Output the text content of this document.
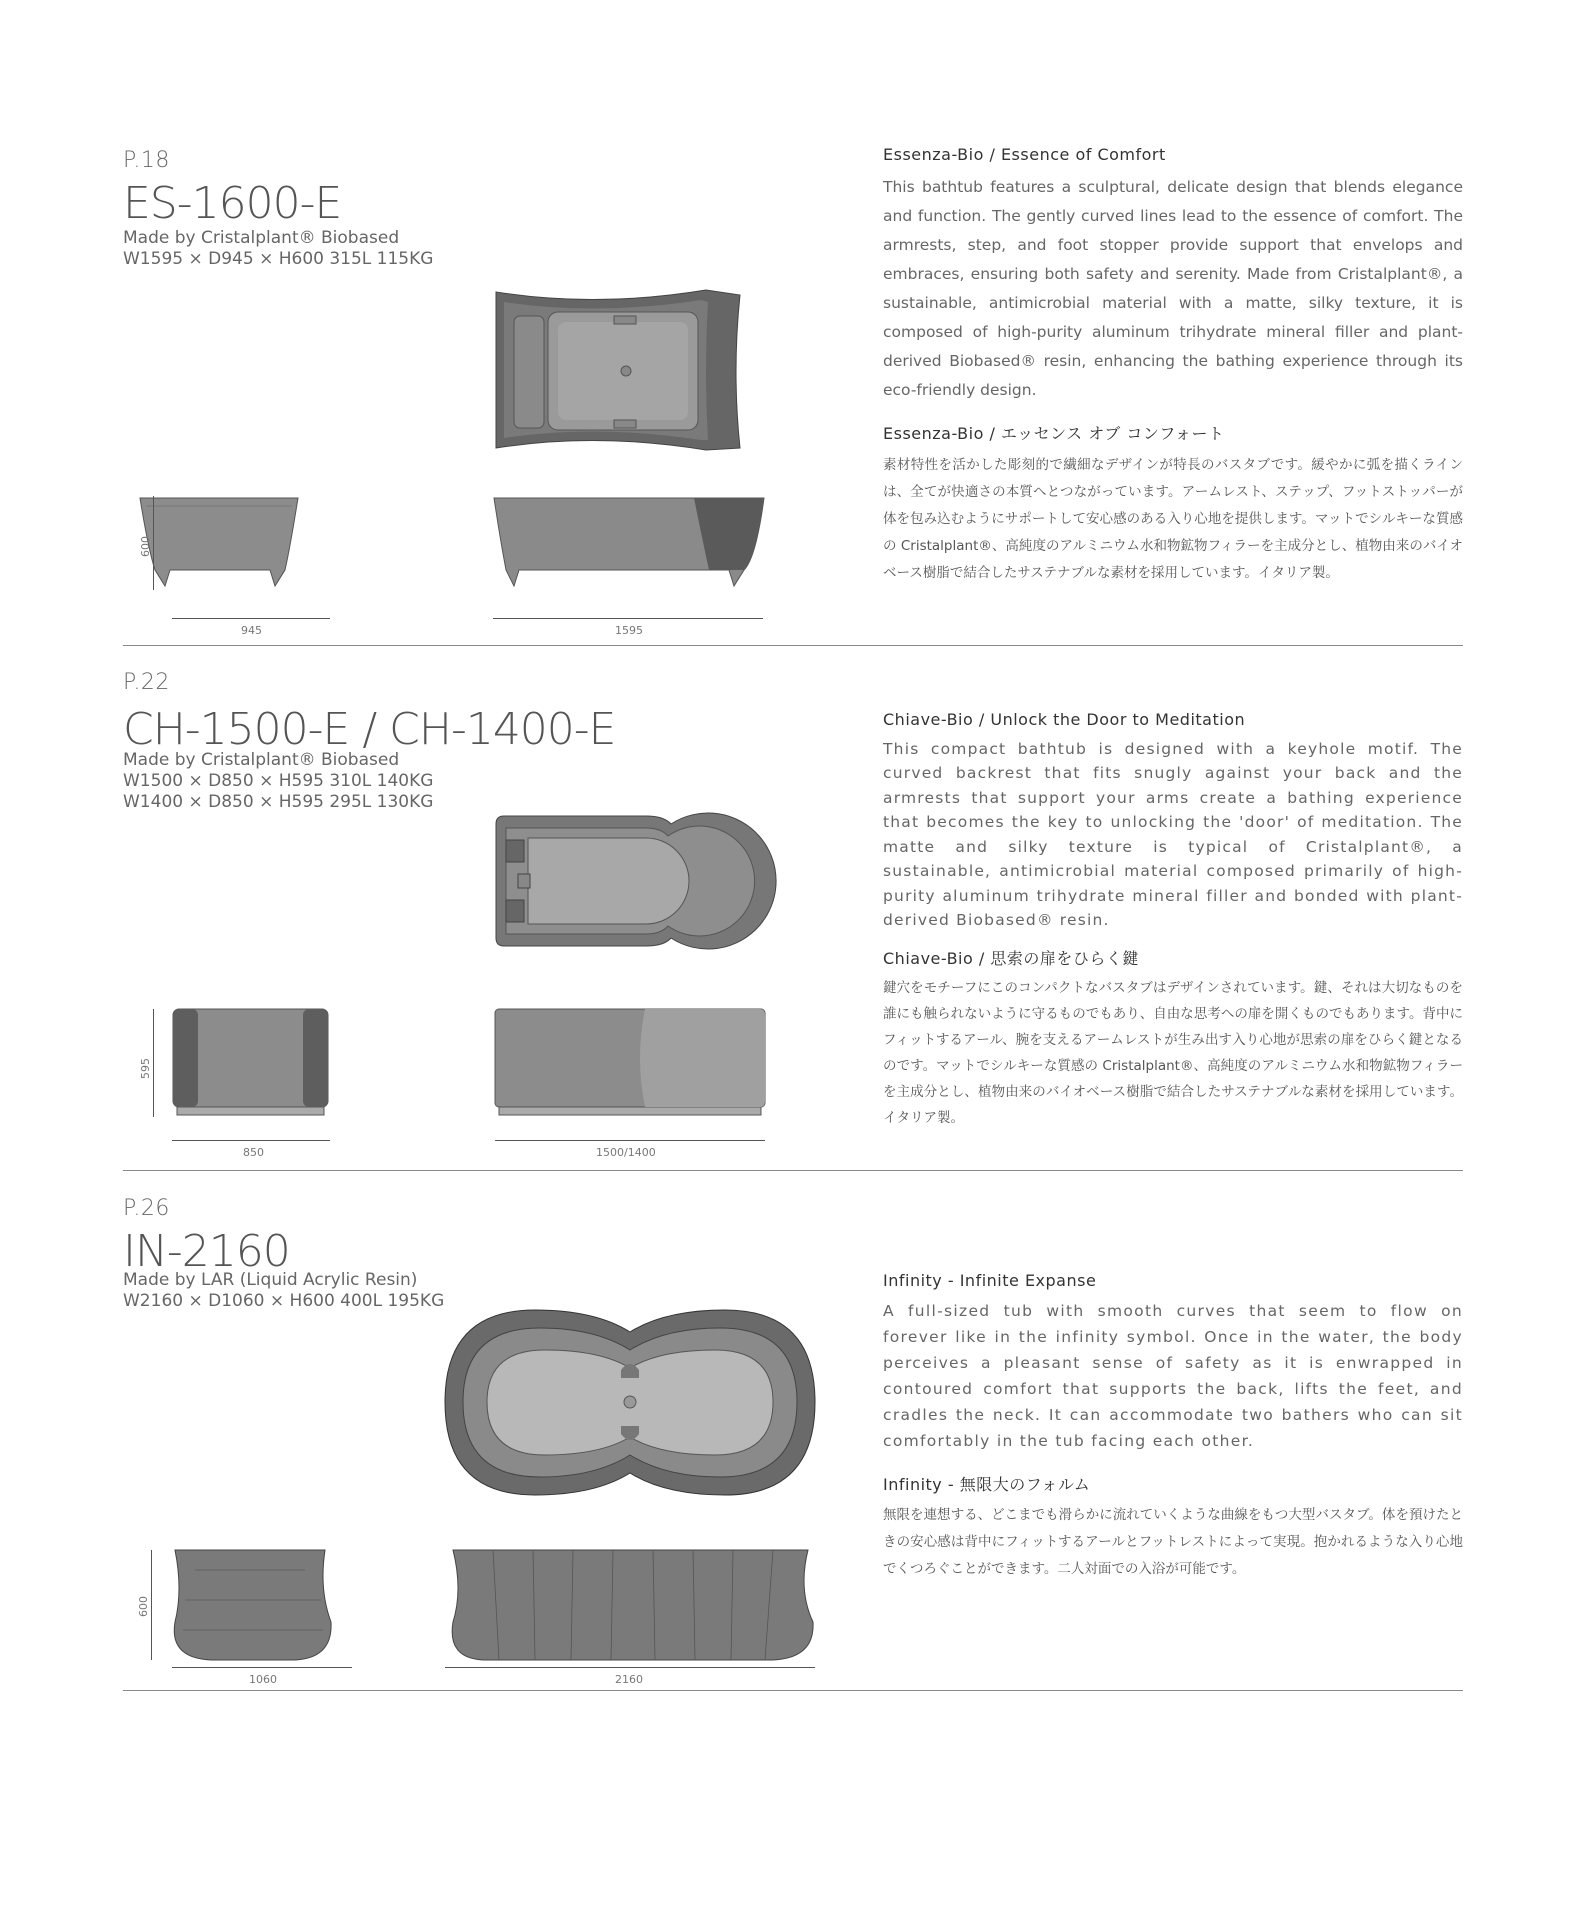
P.18
ES-1600-E
Made by Cristalplant® Biobased
W1595 × D945 × H600 315L 115KG
600
945	1595
Essenza-Bio / Essence of Comfort
This bathtub features a sculptural, delicate design that blends elegance and function. The gently curved lines lead to the essence of comfort. The armrests, step, and foot stopper provide support that envelops and embraces, ensuring both safety and serenity. Made from Cristalplant®, a sustainable, antimicrobial material with a matte, silky texture, it is composed of high-purity aluminum trihydrate mineral filler and plant-derived Biobased® resin, enhancing the bathing experience through its eco-friendly design.
Essenza-Bio / エッセンス オブ コンフォート
素材特性を活かした彫刻的で繊細なデザインが特長のバスタブです。緩やかに弧を描くラインは、全てが快適さの本質へとつながっています。アームレスト、ステップ、フットストッパーが体を包み込むようにサポートして安心感のある入り心地を提供します。マットでシルキーな質感の Cristalplant®、高純度のアルミニウム水和物鉱物フィラーを主成分とし、植物由来のバイオベース樹脂で結合したサステナブルな素材を採用しています。イタリア製。
P.22
CH-1500-E / CH-1400-E
Made by Cristalplant® Biobased
W1500 × D850 × H595 310L 140KG
W1400 × D850 × H595 295L 130KG
595
850	1500/1400
Chiave-Bio / Unlock the Door to Meditation
This compact bathtub is designed with a keyhole motif. The curved backrest that fits snugly against your back and the armrests that support your arms create a bathing experience that becomes the key to unlocking the 'door' of meditation. The matte and silky texture is typical of Cristalplant®, a sustainable, antimicrobial material composed primarily of high-purity aluminum trihydrate mineral filler and bonded with plant-derived Biobased® resin.
Chiave-Bio / 思索の扉をひらく鍵
鍵穴をモチーフにこのコンパクトなバスタブはデザインされています。鍵、それは大切なものを誰にも触られないように守るものでもあり、自由な思考への扉を開くものでもあります。背中にフィットするアール、腕を支えるアームレストが生み出す入り心地が思索の扉をひらく鍵となるのです。マットでシルキーな質感の Cristalplant®、高純度のアルミニウム水和物鉱物フィラーを主成分とし、植物由来のバイオベース樹脂で結合したサステナブルな素材を採用しています。イタリア製。
P.26
IN-2160
Made by LAR (Liquid Acrylic Resin)
W2160 × D1060 × H600 400L 195KG
600
1060	2160
Infinity - Infinite Expanse
A full-sized tub with smooth curves that seem to flow on forever like in the infinity symbol. Once in the water, the body perceives a pleasant sense of safety as it is enwrapped in contoured comfort that supports the back, lifts the feet, and cradles the neck. It can accommodate two bathers who can sit comfortably in the tub facing each other.
Infinity - 無限大のフォルム
無限を連想する、どこまでも滑らかに流れていくような曲線をもつ大型バスタブ。体を預けたときの安心感は背中にフィットするアールとフットレストによって実現。抱かれるような入り心地でくつろぐことができます。二人対面での入浴が可能です。
